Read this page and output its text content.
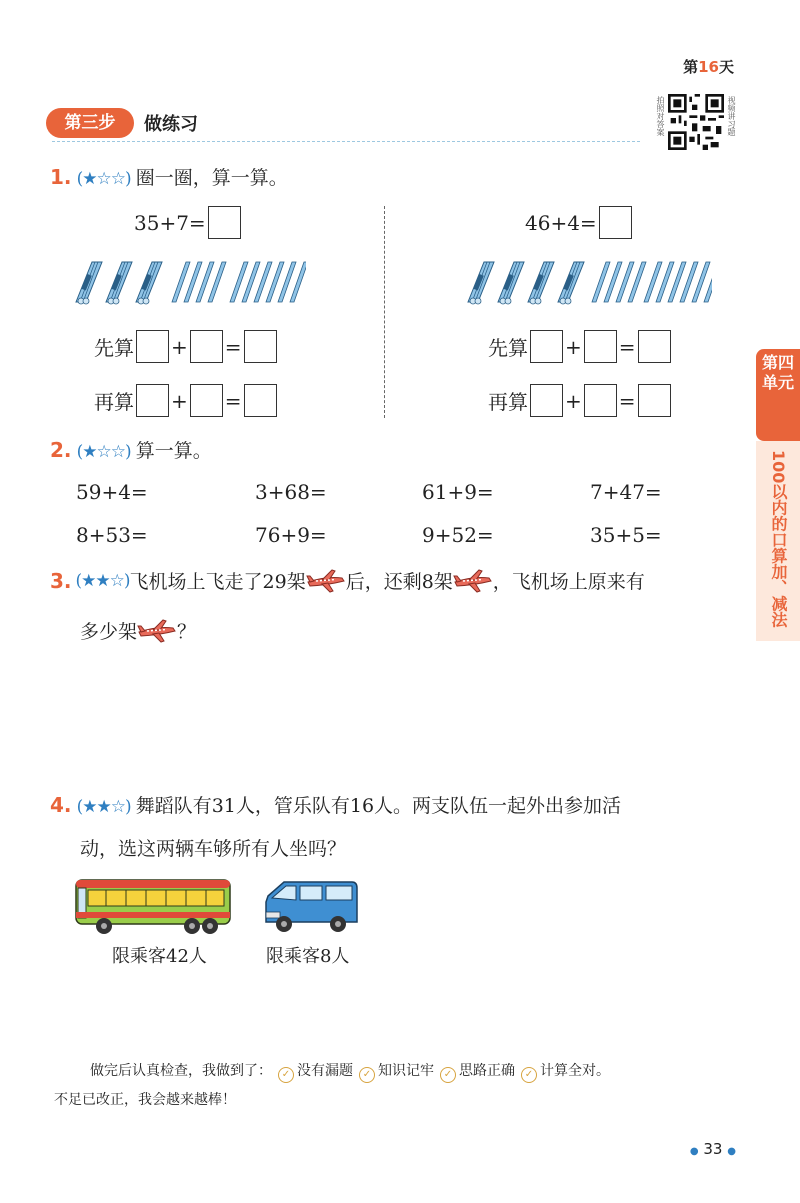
第16天
第三步	做练习	拍照对答案	视频讲习题
第四单元
100以内的口算加、减法
1. (★☆☆) 圈一圈，算一算。
35+7=
先算 + =
再算 + =
46+4=
先算 + =
再算 + =
2. (★☆☆) 算一算。
59+4=	3+68=	61+9=	7+47=
8+53=	76+9=	9+52=	35+5=
3. (★★☆) 飞机场上飞走了29架 后，还剩8架 ，飞机场上原来有
多少架 ？
4. (★★☆) 舞蹈队有31人，管乐队有16人。两支队伍一起外出参加活
动，选这两辆车够所有人坐吗？
限乘客42人	限乘客8人
做完后认真检查，我做到了： ✓ 没有漏题 ✓ 知识记牢 ✓ 思路正确 ✓ 计算全对。
不足已改正，我会越来越棒！
● 33 ●
